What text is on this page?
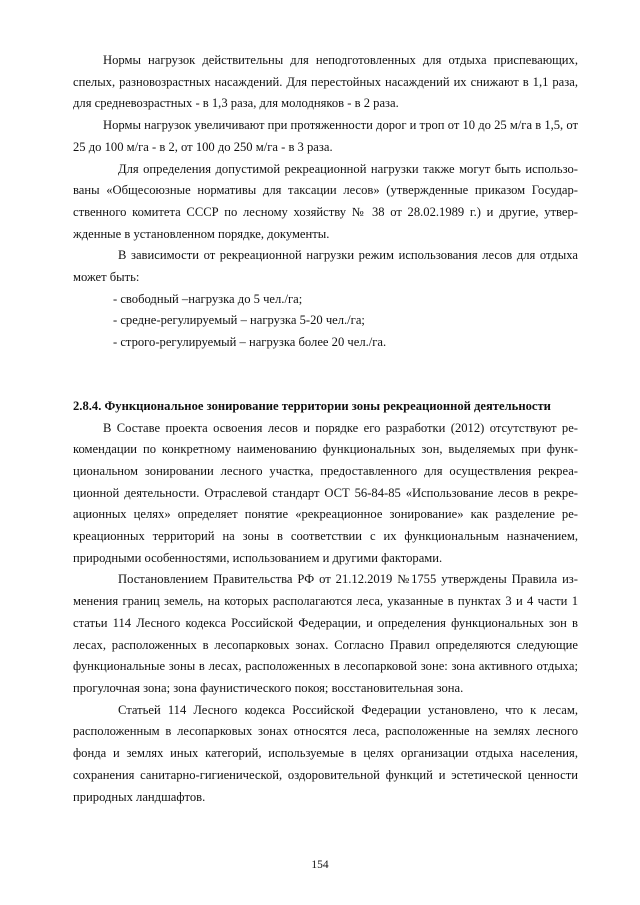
Нормы нагрузок действительны для неподготовленных для отдыха приспевающих, спелых, разновозрастных насаждений. Для перестойных насаждений их снижают в 1,1 раза, для средневозрастных - в 1,3 раза, для молодняков - в 2 раза.

Нормы нагрузок увеличивают при протяженности дорог и троп от 10 до 25 м/га в 1,5, от 25 до 100 м/га - в 2, от 100 до 250 м/га - в 3 раза.

Для определения допустимой рекреационной нагрузки также могут быть использованы «Общесоюзные нормативы для таксации лесов» (утвержденные приказом Государственного комитета СССР по лесному хозяйству № 38 от 28.02.1989 г.) и другие, утвержденные в установленном порядке, документы.

В зависимости от рекреационной нагрузки режим использования лесов для отдыха может быть:

- свободный –нагрузка до 5 чел./га;

- средне-регулируемый – нагрузка 5-20 чел./га;

- строго-регулируемый – нагрузка более 20 чел./га.

2.8.4. Функциональное зонирование территории зоны рекреационной деятельности

В Составе проекта освоения лесов и порядке его разработки (2012) отсутствуют рекомендации по конкретному наименованию функциональных зон, выделяемых при функциональном зонировании лесного участка, предоставленного для осуществления рекреационной деятельности. Отраслевой стандарт ОСТ 56-84-85 «Использование лесов в рекреационных целях» определяет понятие «рекреационное зонирование» как разделение рекреационных территорий на зоны в соответствии с их функциональным назначением, природными особенностями, использованием и другими факторами.

Постановлением Правительства РФ от 21.12.2019 №1755 утверждены Правила изменения границ земель, на которых располагаются леса, указанные в пунктах 3 и 4 части 1 статьи 114 Лесного кодекса Российской Федерации, и определения функциональных зон в лесах, расположенных в лесопарковых зонах. Согласно Правил определяются следующие функциональные зоны в лесах, расположенных в лесопарковой зоне: зона активного отдыха; прогулочная зона; зона фаунистического покоя; восстановительная зона.

Статьей 114 Лесного кодекса Российской Федерации установлено, что к лесам, расположенным в лесопарковых зонах относятся леса, расположенные на землях лесного фонда и землях иных категорий, используемые в целях организации отдыха населения, сохранения санитарно-гигиенической, оздоровительной функций и эстетической ценности природных ландшафтов.

154
